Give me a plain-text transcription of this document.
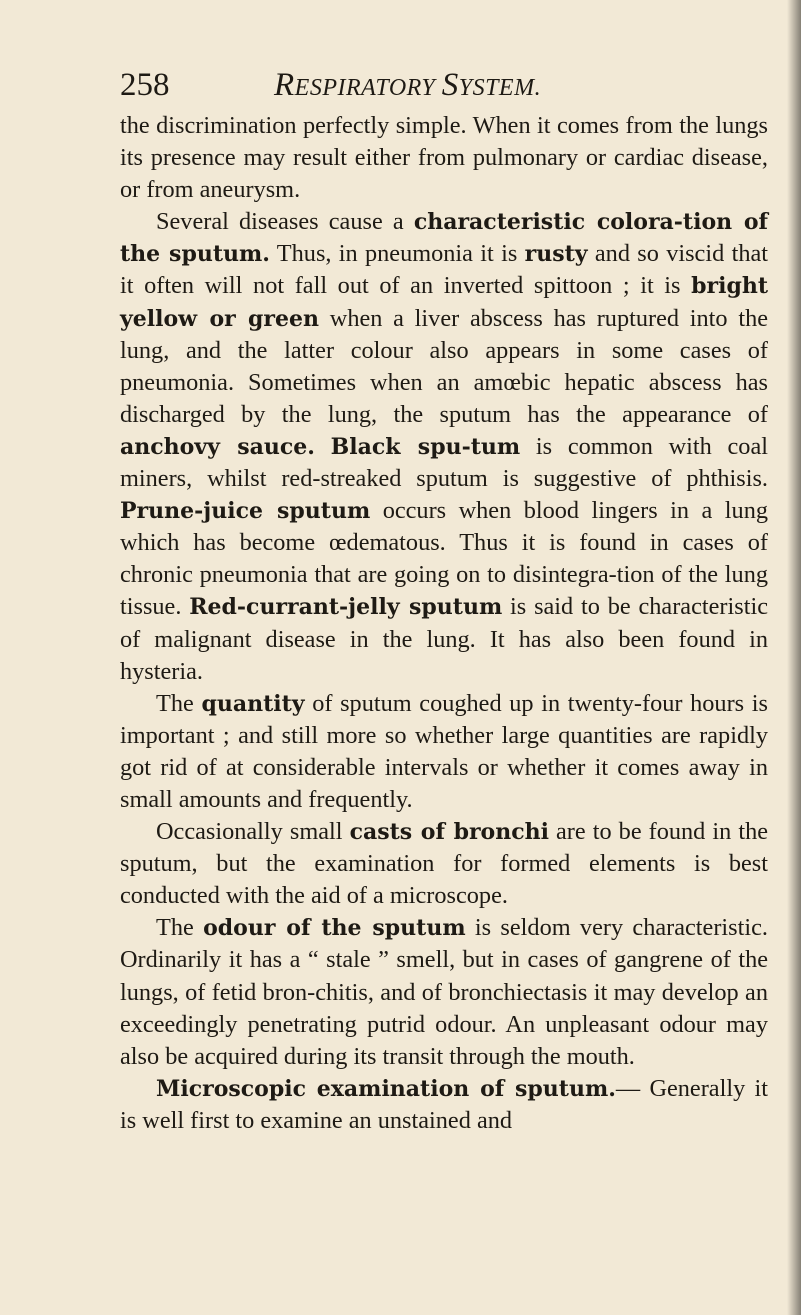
258	RESPIRATORY SYSTEM.

the discrimination perfectly simple. When it comes from the lungs its presence may result either from pulmonary or cardiac disease, or from aneurysm.

Several diseases cause a characteristic colora-tion of the sputum. Thus, in pneumonia it is rusty and so viscid that it often will not fall out of an inverted spittoon ; it is bright yellow or green when a liver abscess has ruptured into the lung, and the latter colour also appears in some cases of pneumonia. Sometimes when an amœbic hepatic abscess has discharged by the lung, the sputum has the appearance of anchovy sauce. Black spu-tum is common with coal miners, whilst red-streaked sputum is suggestive of phthisis. Prune-juice sputum occurs when blood lingers in a lung which has become œdematous. Thus it is found in cases of chronic pneumonia that are going on to disintegra-tion of the lung tissue. Red-currant-jelly sputum is said to be characteristic of malignant disease in the lung. It has also been found in hysteria.

The quantity of sputum coughed up in twenty-four hours is important ; and still more so whether large quantities are rapidly got rid of at considerable intervals or whether it comes away in small amounts and frequently.

Occasionally small casts of bronchi are to be found in the sputum, but the examination for formed elements is best conducted with the aid of a microscope.

The odour of the sputum is seldom very characteristic. Ordinarily it has a “ stale ” smell, but in cases of gangrene of the lungs, of fetid bron-chitis, and of bronchiectasis it may develop an exceedingly penetrating putrid odour. An unpleasant odour may also be acquired during its transit through the mouth.

Microscopic examination of sputum.— Generally it is well first to examine an unstained and
